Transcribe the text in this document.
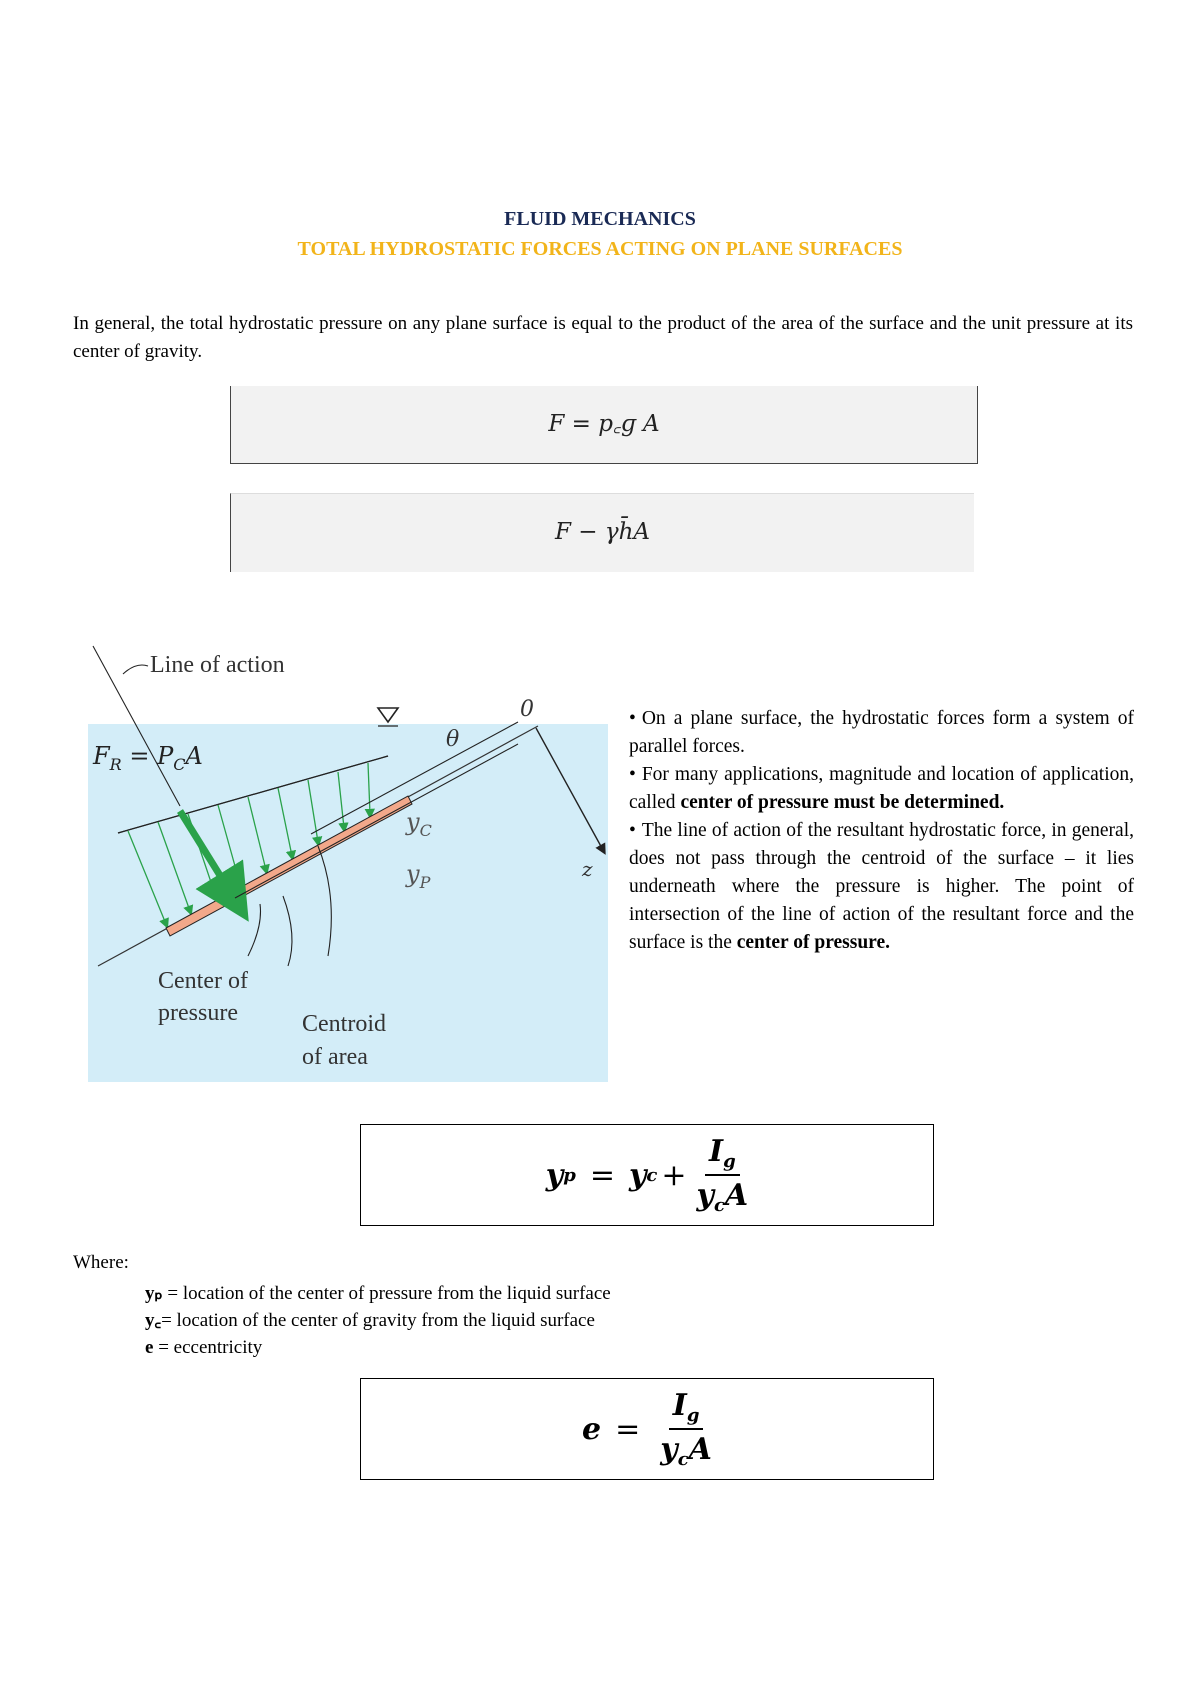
FLUID MECHANICS
TOTAL HYDROSTATIC FORCES ACTING ON PLANE SURFACES
In general, the total hydrostatic pressure on any plane surface is equal to the product of the area of the surface and the unit pressure at its center of gravity.
F = p꜀ɡ A
F − γh̄A
Line of action
$F_R = P_CA$
0
θ
$y_C$
$y_P$
z
Center of
pressure	Centroid
of area

• On a plane surface, the hydrostatic forces form a system of parallel forces.

• For many applications, magnitude and location of application, called center of pressure must be determined.

• The line of action of the resultant hydrostatic force, in general, does not pass through the centroid of the surface – it lies underneath where the pressure is higher. The point of intersection of the line of action of the resultant force and the surface is the center of pressure.

y p = y $c + \frac{I_g}{y_cA}$
Where:
yₚ = location of the center of pressure from the liquid surface
y꜀= location of the center of gravity from the liquid surface
e = eccentricity
$e = \frac{I_g}{y_cA}$
